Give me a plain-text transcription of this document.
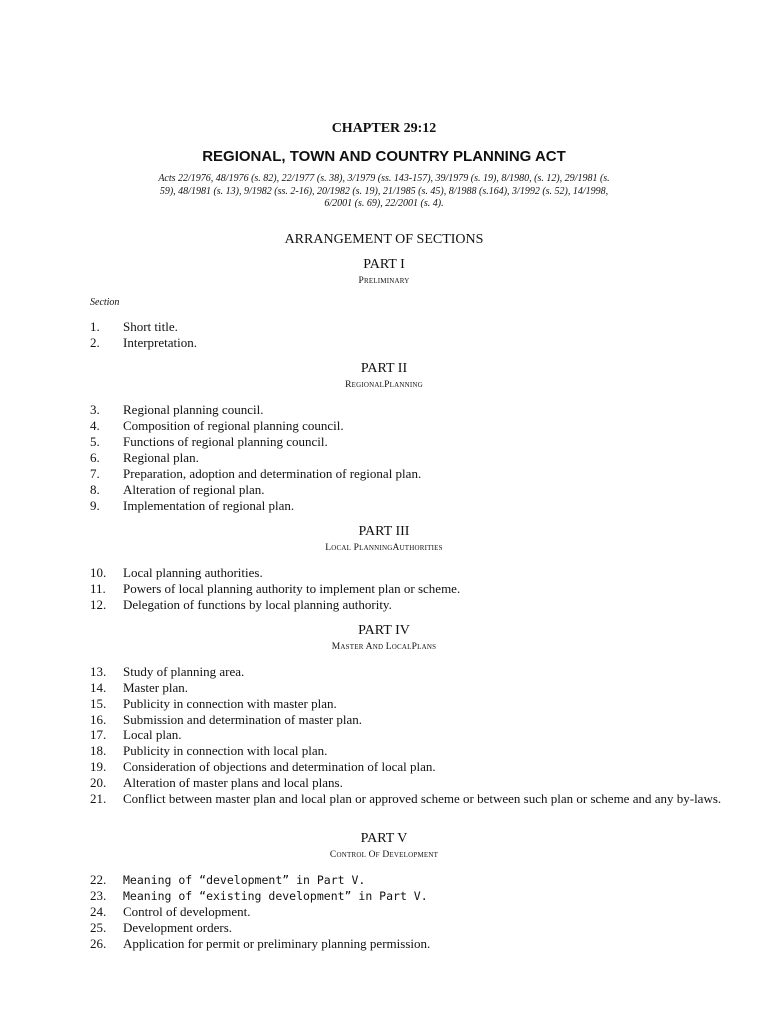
CHAPTER 29:12
REGIONAL, TOWN AND COUNTRY PLANNING ACT
Acts 22/1976, 48/1976 (s. 82), 22/1977 (s. 38), 3/1979 (ss. 143-157), 39/1979 (s. 19), 8/1980, (s. 12), 29/1981 (s. 59), 48/1981 (s. 13), 9/1982 (ss. 2-16), 20/1982 (s. 19), 21/1985 (s. 45), 8/1988 (s.164), 3/1992 (s. 52), 14/1998, 6/2001 (s. 69), 22/2001 (s. 4).
ARRANGEMENT OF SECTIONS
PART I
Preliminary
Section
1.	Short title.
2.	Interpretation.
PART II
RegionalPlanning
3.	Regional planning council.
4.	Composition of regional planning council.
5.	Functions of regional planning council.
6.	Regional plan.
7.	Preparation, adoption and determination of regional plan.
8.	Alteration of regional plan.
9.	Implementation of regional plan.
PART III
Local PlanningAuthorities
10.	Local planning authorities.
11.	Powers of local planning authority to implement plan or scheme.
12.	Delegation of functions by local planning authority.
PART IV
Master And LocalPlans
13.	Study of planning area.
14.	Master plan.
15.	Publicity in connection with master plan.
16.	Submission and determination of master plan.
17.	Local plan.
18.	Publicity in connection with local plan.
19.	Consideration of objections and determination of local plan.
20.	Alteration of master plans and local plans.
21.	Conflict between master plan and local plan or approved scheme or between such plan or scheme and any by-laws.
PART V
Control Of Development
22.	Meaning of “development” in Part V.
23.	Meaning of “existing development” in Part V.
24.	Control of development.
25.	Development orders.
26.	Application for permit or preliminary planning permission.
